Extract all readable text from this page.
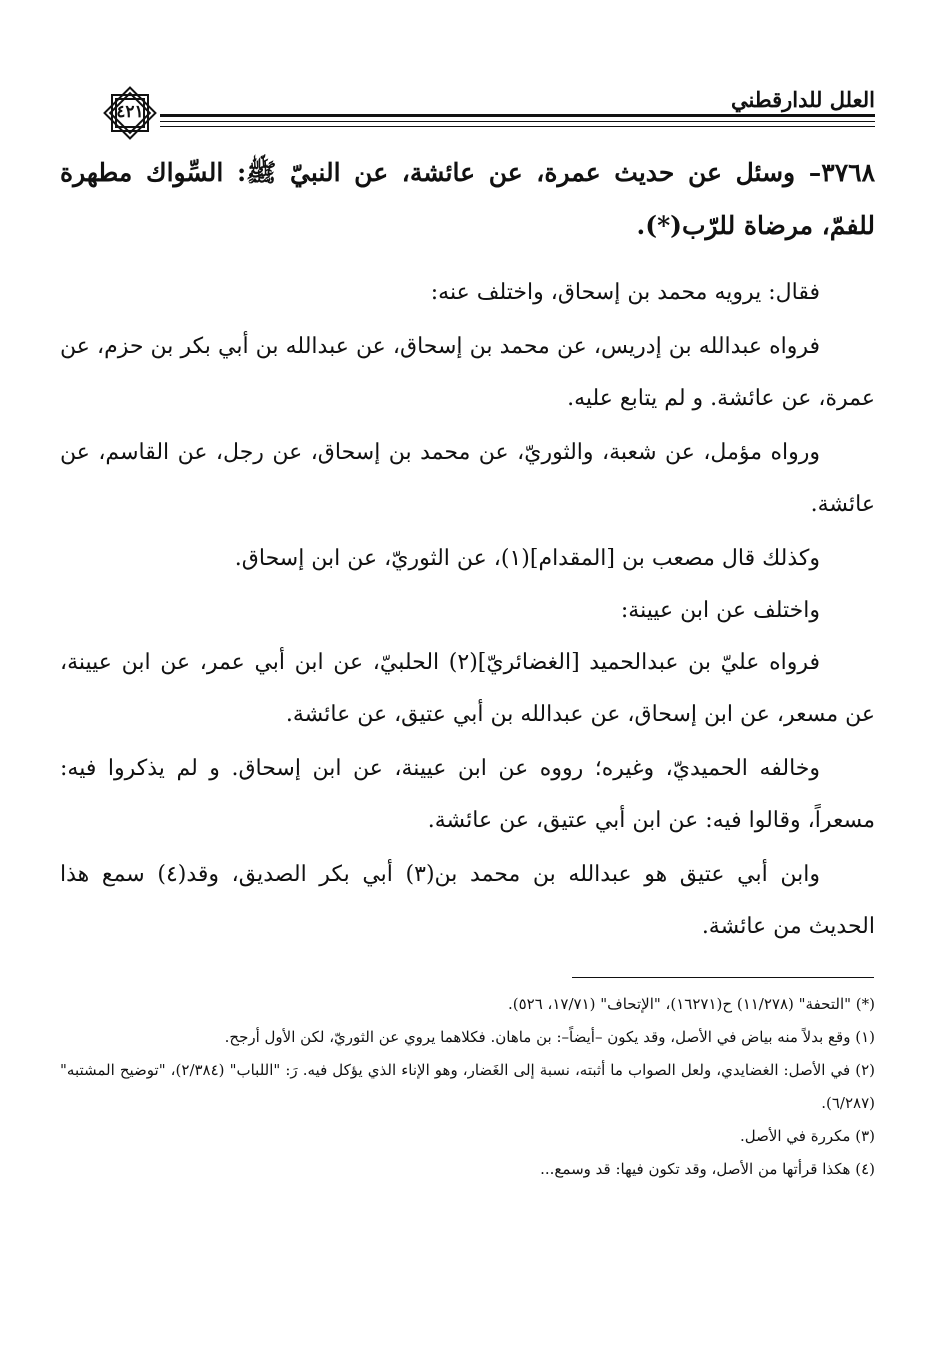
العلل للدارقطني
٤٢١
٣٧٦٨– وسئل عن حديث عمرة، عن عائشة، عن النبيّ ﷺ: السِّواك مطهرة للفمّ، مرضاة للرّب(*).
فقال: يرويه محمد بن إسحاق، واختلف عنه:
فرواه عبدالله بن إدريس، عن محمد بن إسحاق، عن عبدالله بن أبي بكر بن حزم، عن عمرة، عن عائشة. و لم يتابع عليه.
ورواه مؤمل، عن شعبة، والثوريّ، عن محمد بن إسحاق، عن رجل، عن القاسم، عن عائشة.
وكذلك قال مصعب بن [المقدام](١)، عن الثوريّ، عن ابن إسحاق.
واختلف عن ابن عيينة:
فرواه عليّ بن عبدالحميد [الغضائريّ](٢) الحلبيّ، عن ابن أبي عمر، عن ابن عيينة، عن مسعر، عن ابن إسحاق، عن عبدالله بن أبي عتيق، عن عائشة.
وخالفه الحميديّ، وغيره؛ رووه عن ابن عيينة، عن ابن إسحاق. و لم يذكروا فيه: مسعراً، وقالوا فيه: عن ابن أبي عتيق، عن عائشة.
وابن أبي عتيق هو عبدالله بن محمد بن(٣) أبي بكر الصديق، وقد(٤) سمع هذا الحديث من عائشة.

(*) "التحفة" (١١/٢٧٨) ح(١٦٢٧١)، "الإتحاف" (١٧/٧١، ٥٢٦).

(١) وقع بدلاً منه بياض في الأصل، وقد يكون –أيضاً–: بن ماهان. فكلاهما يروي عن الثوريّ، لكن الأول أرجح.

(٢) في الأصل: الغضايدي، ولعل الصواب ما أثبته، نسبة إلى الغَضار، وهو الإناء الذي يؤكل فيه. رَ: "اللباب" (٢/٣٨٤)، "توضيح المشتبه" (٦/٢٨٧).

(٣) مكررة في الأصل.

(٤) هكذا قرأتها من الأصل، وقد تكون فيها: قد وسمع...
